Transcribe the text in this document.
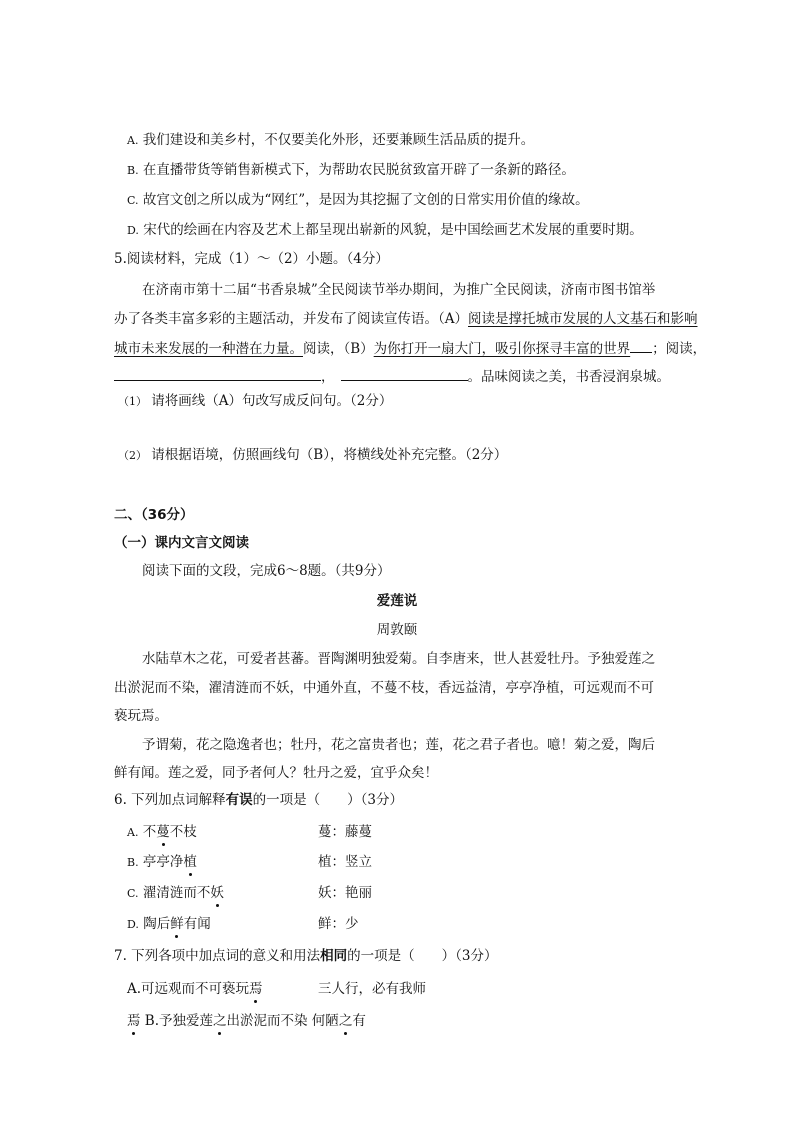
A. 我们建设和美乡村，不仅要美化外形，还要兼顾生活品质的提升。
B. 在直播带货等销售新模式下，为帮助农民脱贫致富开辟了一条新的路径。
C. 故宫文创之所以成为“网红”，是因为其挖掘了文创的日常实用价值的缘故。
D. 宋代的绘画在内容及艺术上都呈现出崭新的风貌，是中国绘画艺术发展的重要时期。
5.阅读材料，完成（1）～（2）小题。（4分）
在济南市第十二届“书香泉城”全民阅读节举办期间，为推广全民阅读，济南市图书馆举
办了各类丰富多彩的主题活动，并发布了阅读宣传语。（A）阅读是撑托城市发展的人文基石和影响
城市未来发展的一种潜在力量。阅读，（B）为你打开一扇大门，吸引你探寻丰富的世界 ；阅读，
，	。品味阅读之美，书香浸润泉城。
（1） 请将画线（A）句改写成反问句。（2分）
（2） 请根据语境，仿照画线句（B），将横线处补充完整。（2分）
二、（36分）
（一）课内文言文阅读
阅读下面的文段，完成6～8题。（共9分）
爱莲说
周敦颐
水陆草木之花，可爱者甚蕃。晋陶渊明独爱菊。自李唐来，世人甚爱牡丹。予独爱莲之
出淤泥而不染，濯清涟而不妖，中通外直，不蔓不枝，香远益清，亭亭净植，可远观而不可
亵玩焉。
予谓菊，花之隐逸者也；牡丹，花之富贵者也；莲，花之君子者也。噫！菊之爱，陶后
鲜有闻。莲之爱，同予者何人？牡丹之爱，宜乎众矣！
6. 下列加点词解释有误的一项是（　　）（3分）
A. 不蔓不枝	蔓：藤蔓
B. 亭亭净植	植：竖立
C. 濯清涟而不妖	妖：艳丽
D. 陶后鲜有闻	鲜：少
7. 下列各项中加点词的意义和用法相同的一项是（　　）（3分）
A.可远观而不可亵玩焉	三人行，必有我师
焉 B.予独爱莲之出淤泥而不染 何陋之有
